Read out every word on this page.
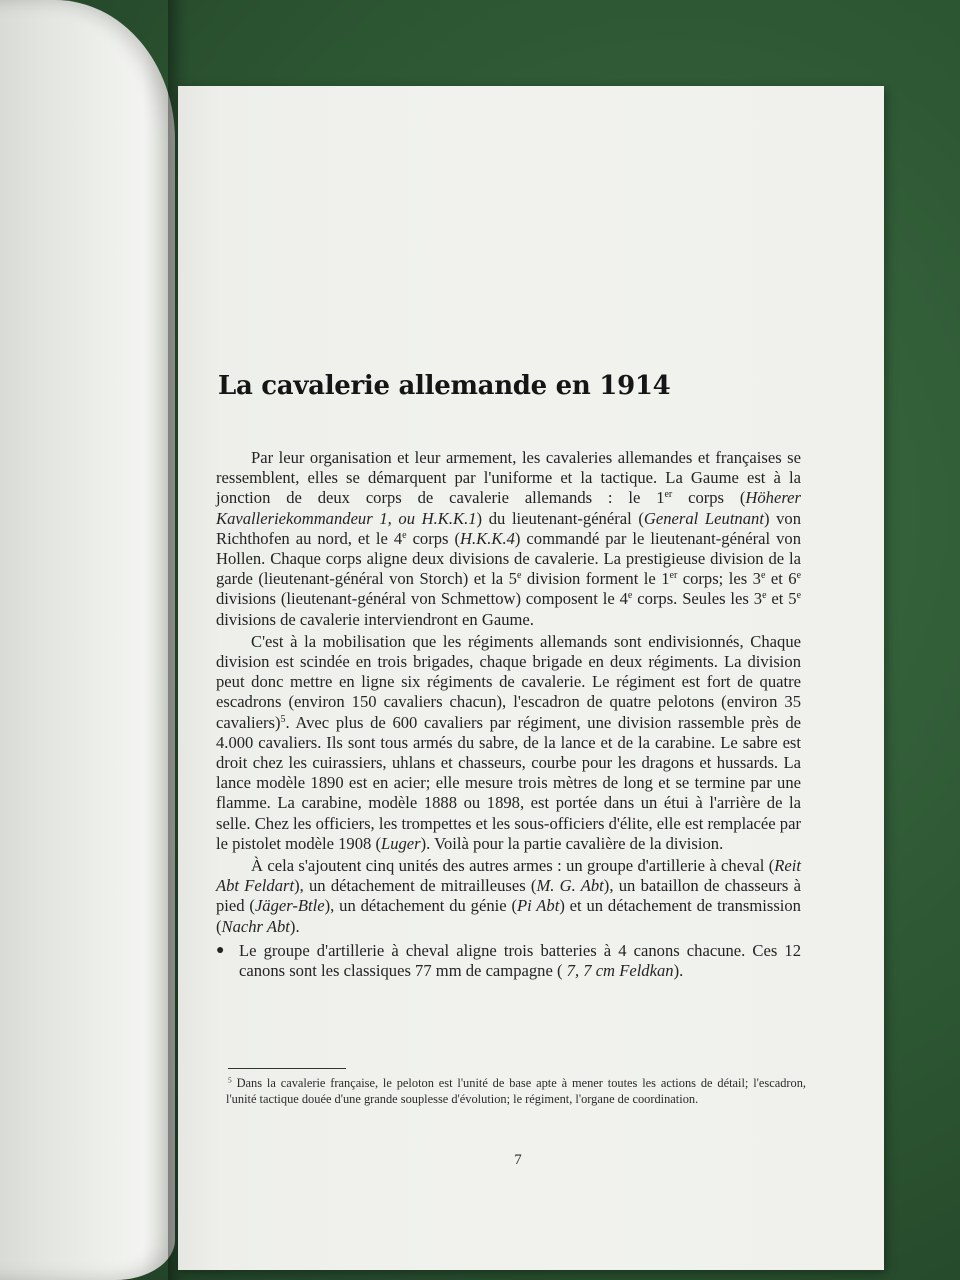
La cavalerie allemande en 1914

Par leur organisation et leur armement, les cavaleries allemandes et françaises se ressemblent, elles se démarquent par l'uniforme et la tactique. La Gaume est à la jonction de deux corps de cavalerie allemands : le 1er corps (Höherer Kavalleriekommandeur 1, ou H.K.K.1) du lieutenant-général (General Leutnant) von Richthofen au nord, et le 4e corps (H.K.K.4) commandé par le lieutenant-général von Hollen. Chaque corps aligne deux divisions de cavalerie. La prestigieuse division de la garde (lieutenant-général von Storch) et la 5e division forment le 1er corps; les 3e et 6e divisions (lieutenant-général von Schmettow) composent le 4e corps. Seules les 3e et 5e divisions de cavalerie interviendront en Gaume.

C'est à la mobilisation que les régiments allemands sont endivisionnés, Chaque division est scindée en trois brigades, chaque brigade en deux régiments. La division peut donc mettre en ligne six régiments de cavalerie. Le régiment est fort de quatre escadrons (environ 150 cavaliers chacun), l'escadron de quatre pelotons (environ 35 cavaliers)$^5$. Avec plus de 600 cavaliers par régiment, une division rassemble près de 4.000 cavaliers. Ils sont tous armés du sabre, de la lance et de la carabine. Le sabre est droit chez les cuirassiers, uhlans et chasseurs, courbe pour les dragons et hussards. La lance modèle 1890 est en acier; elle mesure trois mètres de long et se termine par une flamme. La carabine, modèle 1888 ou 1898, est portée dans un étui à l'arrière de la selle. Chez les officiers, les trompettes et les sous-officiers d'élite, elle est remplacée par le pistolet modèle 1908 (Luger). Voilà pour la partie cavalière de la division.

À cela s'ajoutent cinq unités des autres armes : un groupe d'artillerie à cheval (Reit Abt Feldart), un détachement de mitrailleuses (M. G. Abt), un bataillon de chasseurs à pied (Jäger-Btle), un détachement du génie (Pi Abt) et un détachement de transmission (Nachr Abt).

● Le groupe d'artillerie à cheval aligne trois batteries à 4 canons chacune. Ces 12 canons sont les classiques 77 mm de campagne ( 7, 7 cm Feldkan).

$^5$ Dans la cavalerie française, le peloton est l'unité de base apte à mener toutes les actions de détail; l'escadron, l'unité tactique douée d'une grande souplesse d'évolution; le régiment, l'organe de coordination.

7
